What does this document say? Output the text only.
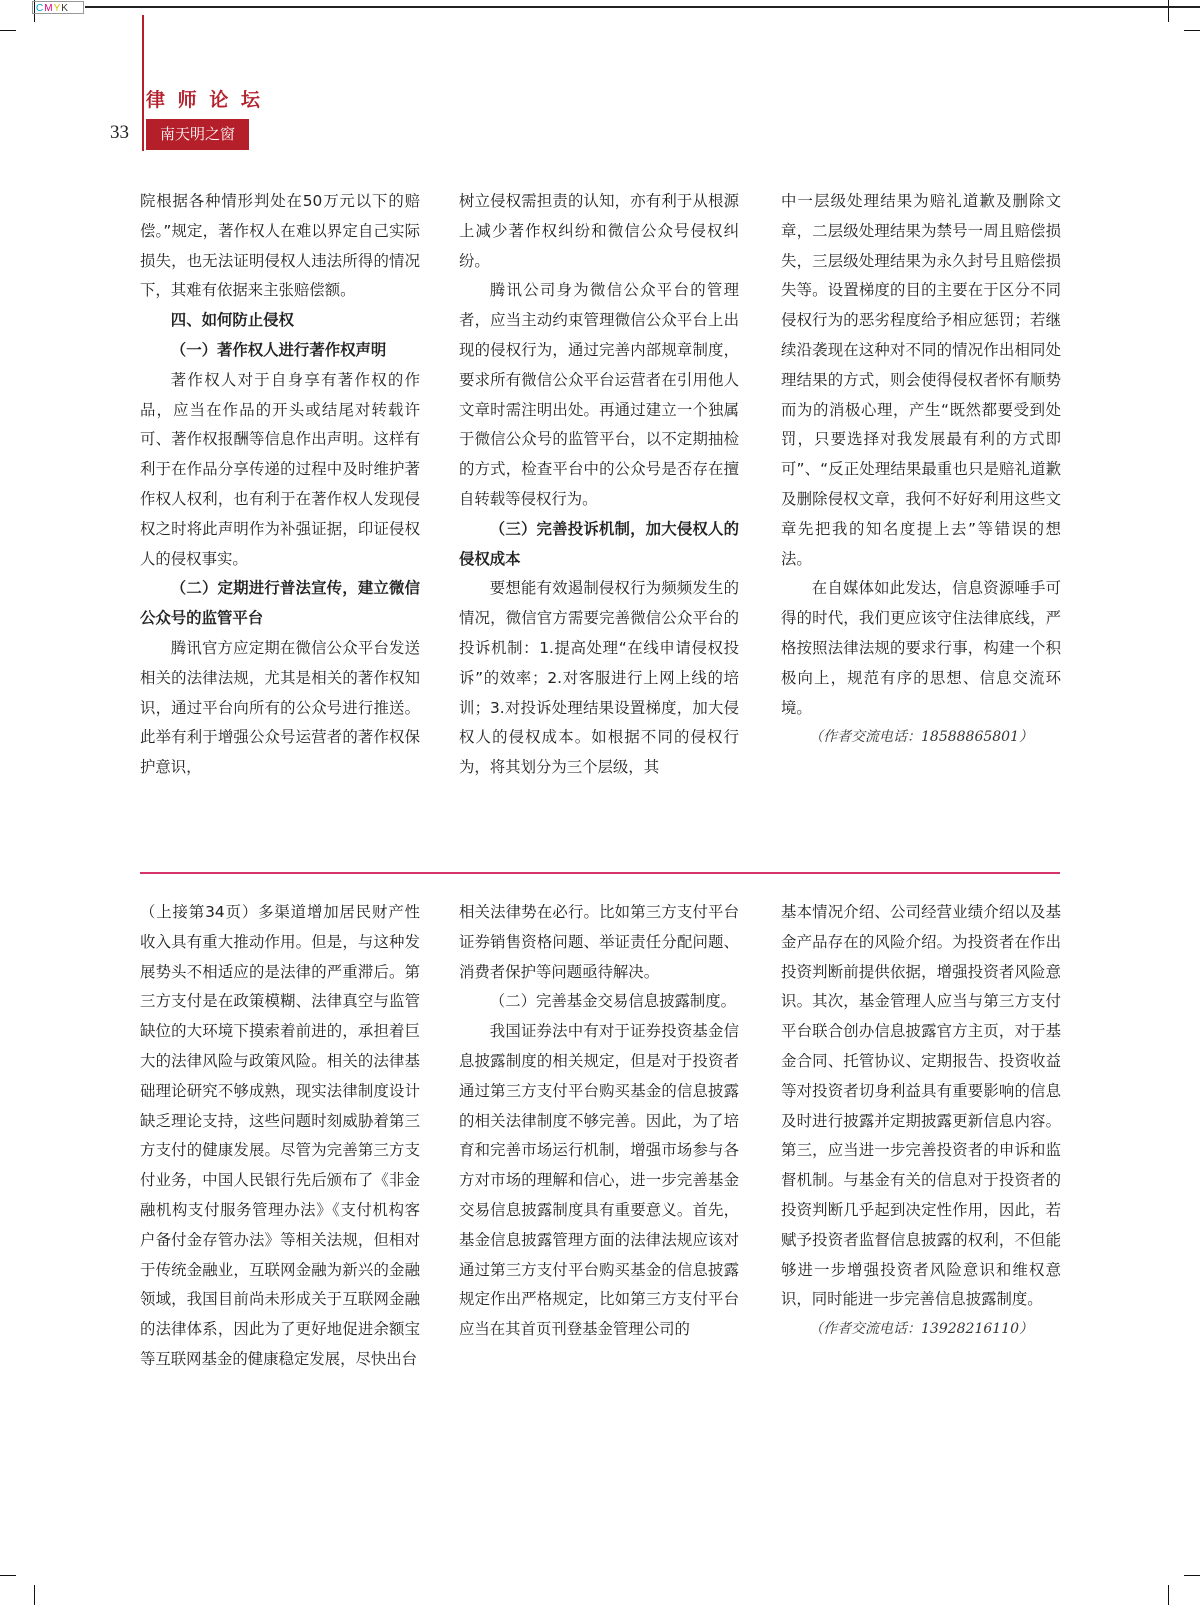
CMYK
律 师 论 坛
33	南天明之窗

院根据各种情形判处在50万元以下的赔偿。”规定，著作权人在难以界定自己实际损失，也无法证明侵权人违法所得的情况下，其难有依据来主张赔偿额。

四、如何防止侵权

（一）著作权人进行著作权声明

著作权人对于自身享有著作权的作品，应当在作品的开头或结尾对转载许可、著作权报酬等信息作出声明。这样有利于在作品分享传递的过程中及时维护著作权人权利，也有利于在著作权人发现侵权之时将此声明作为补强证据，印证侵权人的侵权事实。

（二）定期进行普法宣传，建立微信公众号的监管平台

腾讯官方应定期在微信公众平台发送相关的法律法规，尤其是相关的著作权知识，通过平台向所有的公众号进行推送。此举有利于增强公众号运营者的著作权保护意识，

树立侵权需担责的认知，亦有利于从根源上减少著作权纠纷和微信公众号侵权纠纷。

腾讯公司身为微信公众平台的管理者，应当主动约束管理微信公众平台上出现的侵权行为，通过完善内部规章制度，要求所有微信公众平台运营者在引用他人文章时需注明出处。再通过建立一个独属于微信公众号的监管平台，以不定期抽检的方式，检查平台中的公众号是否存在擅自转载等侵权行为。

（三）完善投诉机制，加大侵权人的侵权成本

要想能有效遏制侵权行为频频发生的情况，微信官方需要完善微信公众平台的投诉机制：1.提高处理“在线申请侵权投诉”的效率；2.对客服进行上网上线的培训；3.对投诉处理结果设置梯度，加大侵权人的侵权成本。如根据不同的侵权行为，将其划分为三个层级，其

中一层级处理结果为赔礼道歉及删除文章，二层级处理结果为禁号一周且赔偿损失，三层级处理结果为永久封号且赔偿损失等。设置梯度的目的主要在于区分不同侵权行为的恶劣程度给予相应惩罚；若继续沿袭现在这种对不同的情况作出相同处理结果的方式，则会使得侵权者怀有顺势而为的消极心理，产生“既然都要受到处罚，只要选择对我发展最有利的方式即可”、“反正处理结果最重也只是赔礼道歉及删除侵权文章，我何不好好利用这些文章先把我的知名度提上去”等错误的想法。

在自媒体如此发达，信息资源唾手可得的时代，我们更应该守住法律底线，严格按照法律法规的要求行事，构建一个积极向上，规范有序的思想、信息交流环境。

（作者交流电话：18588865801）

（上接第34页）多渠道增加居民财产性收入具有重大推动作用。但是，与这种发展势头不相适应的是法律的严重滞后。第三方支付是在政策模糊、法律真空与监管缺位的大环境下摸索着前进的，承担着巨大的法律风险与政策风险。相关的法律基础理论研究不够成熟，现实法律制度设计缺乏理论支持，这些问题时刻威胁着第三方支付的健康发展。尽管为完善第三方支付业务，中国人民银行先后颁布了《非金融机构支付服务管理办法》《支付机构客户备付金存管办法》等相关法规，但相对于传统金融业，互联网金融为新兴的金融领域，我国目前尚未形成关于互联网金融的法律体系，因此为了更好地促进余额宝等互联网基金的健康稳定发展，尽快出台

相关法律势在必行。比如第三方支付平台证券销售资格问题、举证责任分配问题、消费者保护等问题亟待解决。

（二）完善基金交易信息披露制度。

我国证券法中有对于证券投资基金信息披露制度的相关规定，但是对于投资者通过第三方支付平台购买基金的信息披露的相关法律制度不够完善。因此，为了培育和完善市场运行机制，增强市场参与各方对市场的理解和信心，进一步完善基金交易信息披露制度具有重要意义。首先，基金信息披露管理方面的法律法规应该对通过第三方支付平台购买基金的信息披露规定作出严格规定，比如第三方支付平台应当在其首页刊登基金管理公司的

基本情况介绍、公司经营业绩介绍以及基金产品存在的风险介绍。为投资者在作出投资判断前提供依据，增强投资者风险意识。其次，基金管理人应当与第三方支付平台联合创办信息披露官方主页，对于基金合同、托管协议、定期报告、投资收益等对投资者切身利益具有重要影响的信息及时进行披露并定期披露更新信息内容。第三，应当进一步完善投资者的申诉和监督机制。与基金有关的信息对于投资者的投资判断几乎起到决定性作用，因此，若赋予投资者监督信息披露的权利，不但能够进一步增强投资者风险意识和维权意识，同时能进一步完善信息披露制度。

（作者交流电话：13928216110）
